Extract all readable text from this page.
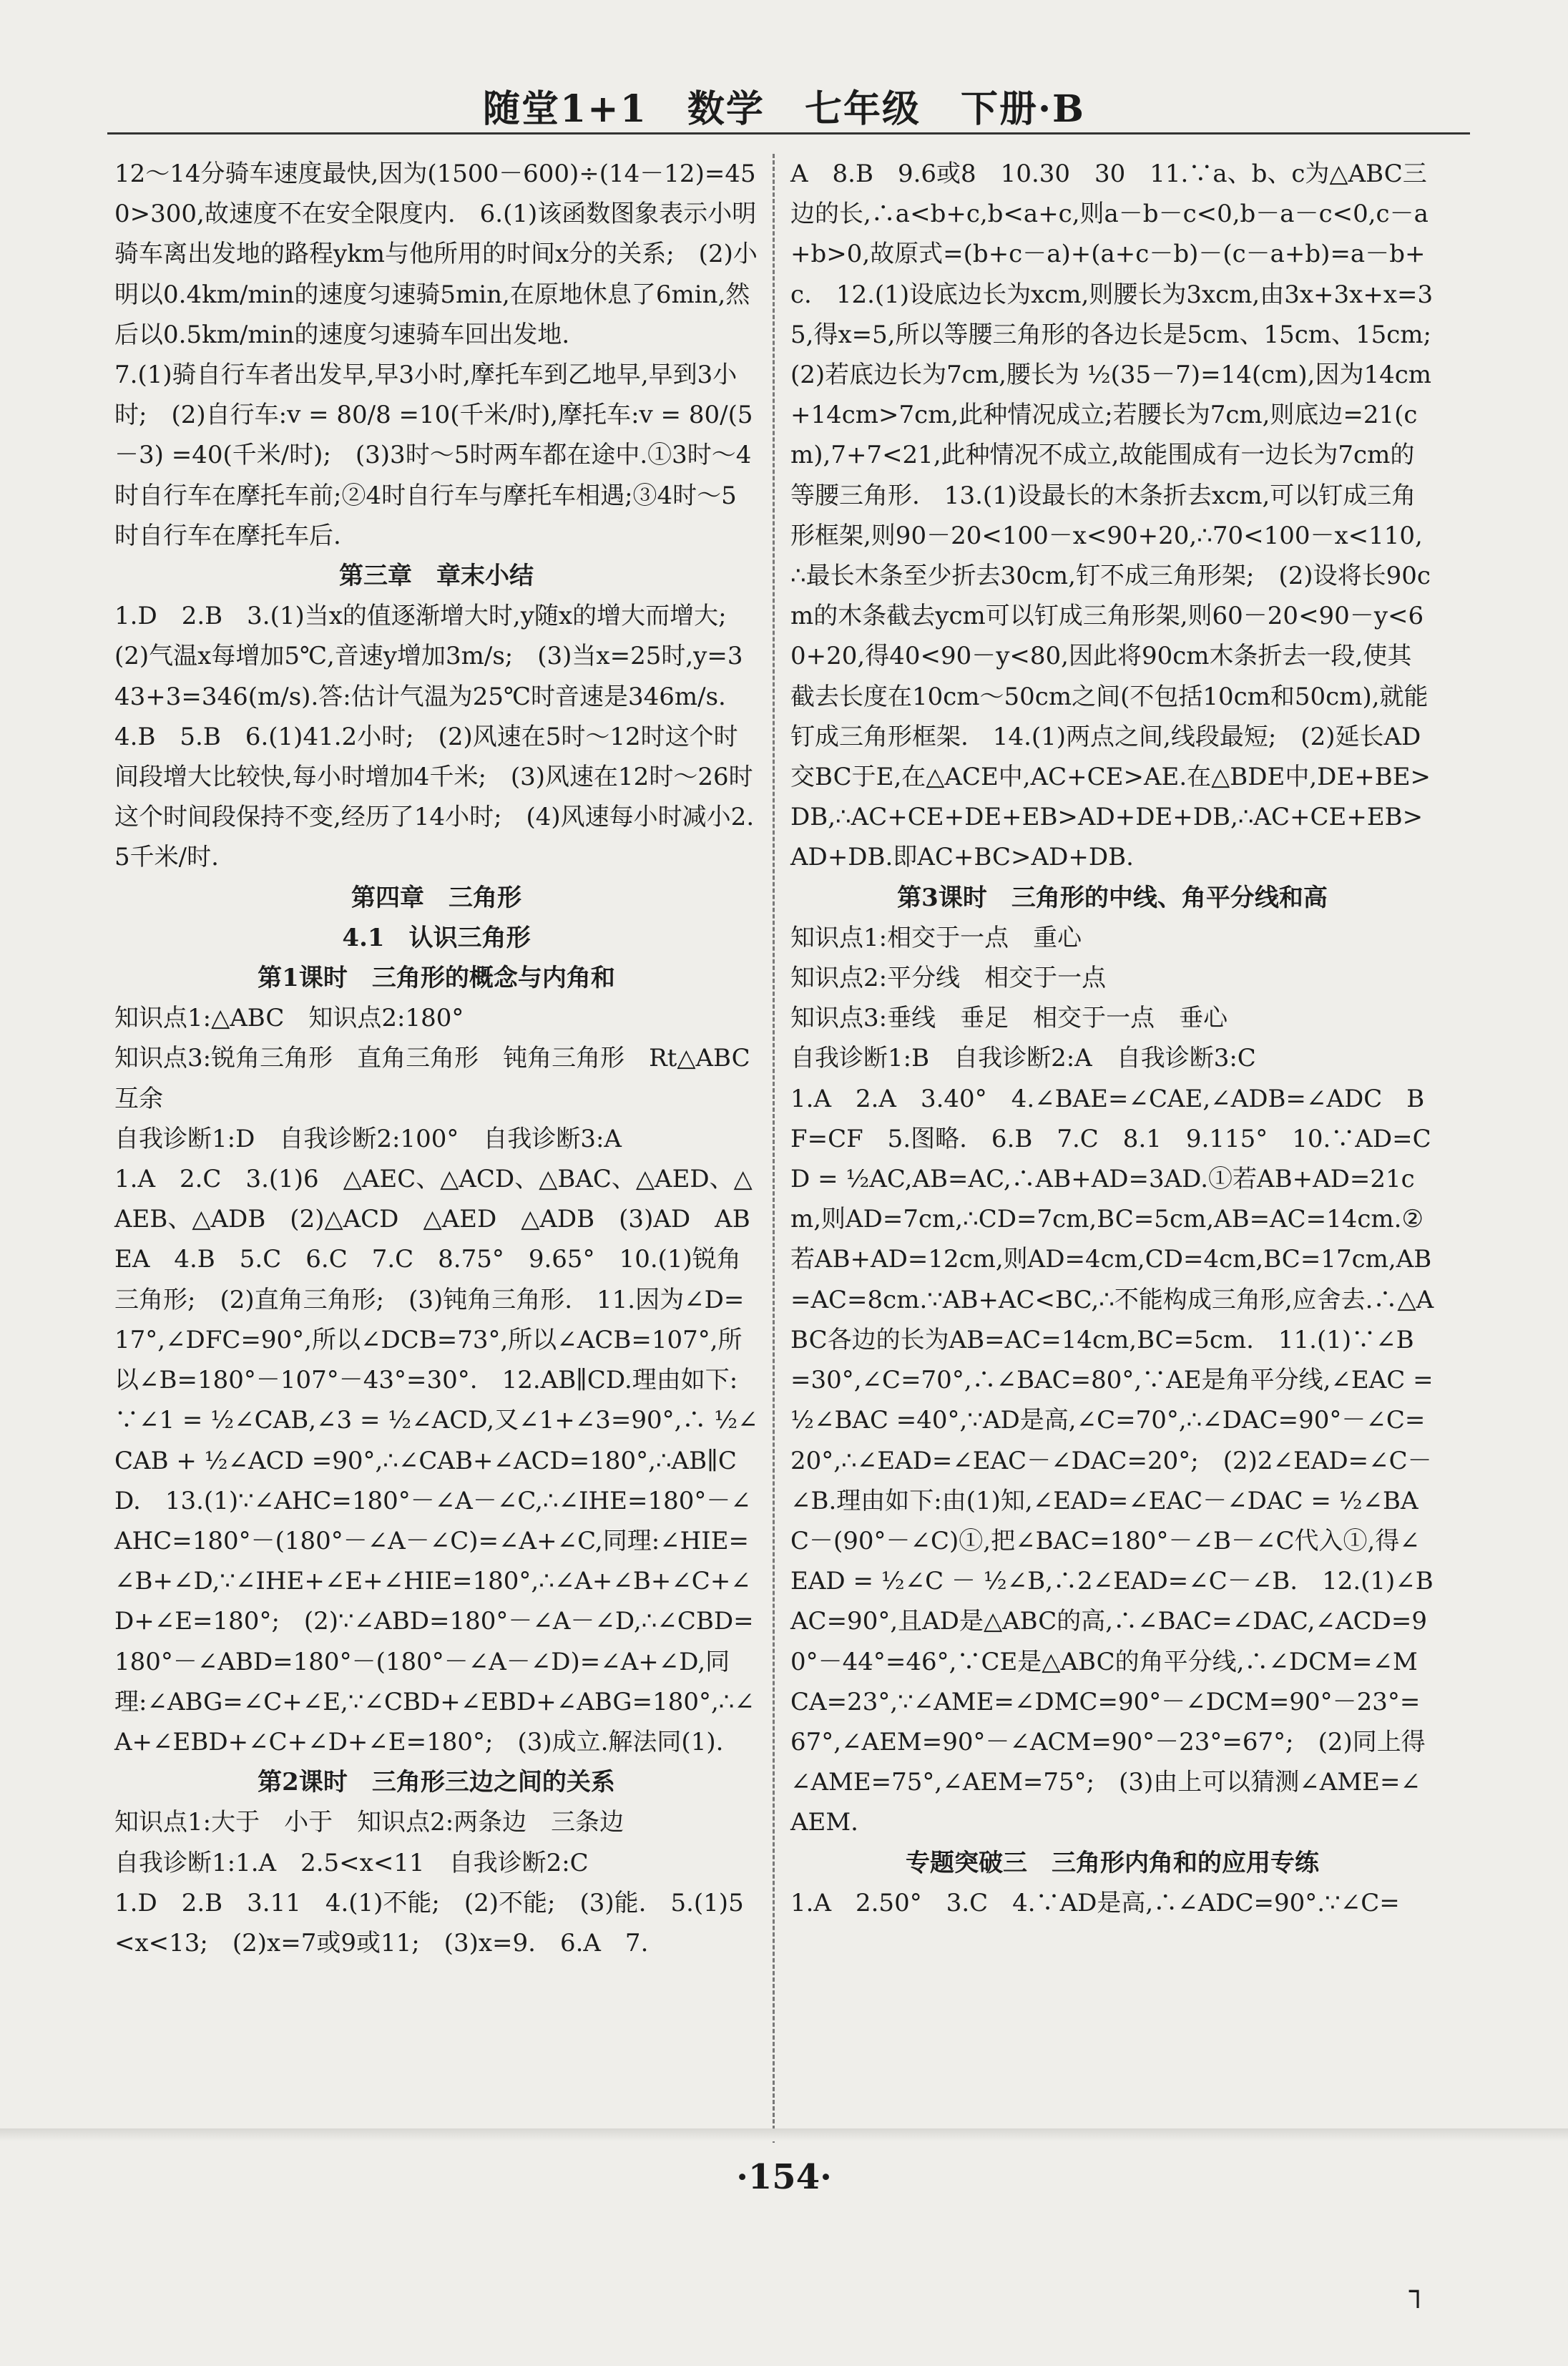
随堂1+1 数学 七年级 下册·B

12～14分骑车速度最快,因为(1500－600)÷(14－12)=450>300,故速度不在安全限度内.　6.(1)该函数图象表示小明骑车离出发地的路程ykm与他所用的时间x分的关系;　(2)小明以0.4km/min的速度匀速骑5min,在原地休息了6min,然后以0.5km/min的速度匀速骑车回出发地.

7.(1)骑自行车者出发早,早3小时,摩托车到乙地早,早到3小时;　(2)自行车:v = 80/8 =10(千米/时),摩托车:v = 80/(5－3) =40(千米/时);　(3)3时～5时两车都在途中.①3时～4时自行车在摩托车前;②4时自行车与摩托车相遇;③4时～5时自行车在摩托车后.

第三章　章末小结

1.D　2.B　3.(1)当x的值逐渐增大时,y随x的增大而增大;　(2)气温x每增加5℃,音速y增加3m/s;　(3)当x=25时,y=343+3=346(m/s).答:估计气温为25℃时音速是346m/s.　4.B　5.B　6.(1)41.2小时;　(2)风速在5时～12时这个时间段增大比较快,每小时增加4千米;　(3)风速在12时～26时这个时间段保持不变,经历了14小时;　(4)风速每小时减小2.5千米/时.

第四章　三角形

4.1　认识三角形

第1课时　三角形的概念与内角和

知识点1:△ABC　知识点2:180°

知识点3:锐角三角形　直角三角形　钝角三角形　Rt△ABC　互余

自我诊断1:D　自我诊断2:100°　自我诊断3:A

1.A　2.C　3.(1)6　△AEC、△ACD、△BAC、△AED、△AEB、△ADB　(2)△ACD　△AED　△ADB　(3)AD　AB　EA　4.B　5.C　6.C　7.C　8.75°　9.65°　10.(1)锐角三角形;　(2)直角三角形;　(3)钝角三角形.　11.因为∠D=17°,∠DFC=90°,所以∠DCB=73°,所以∠ACB=107°,所以∠B=180°－107°－43°=30°.　12.AB∥CD.理由如下:∵∠1 = ½∠CAB,∠3 = ½∠ACD,又∠1+∠3=90°,∴ ½∠CAB + ½∠ACD =90°,∴∠CAB+∠ACD=180°,∴AB∥CD.　13.(1)∵∠AHC=180°－∠A－∠C,∴∠IHE=180°－∠AHC=180°－(180°－∠A－∠C)=∠A+∠C,同理:∠HIE=∠B+∠D,∵∠IHE+∠E+∠HIE=180°,∴∠A+∠B+∠C+∠D+∠E=180°;　(2)∵∠ABD=180°－∠A－∠D,∴∠CBD=180°－∠ABD=180°－(180°－∠A－∠D)=∠A+∠D,同理:∠ABG=∠C+∠E,∵∠CBD+∠EBD+∠ABG=180°,∴∠A+∠EBD+∠C+∠D+∠E=180°;　(3)成立.解法同(1).

第2课时　三角形三边之间的关系

知识点1:大于　小于　知识点2:两条边　三条边

自我诊断1:1.A　2.5<x<11　自我诊断2:C

1.D　2.B　3.11　4.(1)不能;　(2)不能;　(3)能.　5.(1)5<x<13;　(2)x=7或9或11;　(3)x=9.　6.A　7.

A　8.B　9.6或8　10.30　30　11.∵a、b、c为△ABC三边的长,∴a<b+c,b<a+c,则a－b－c<0,b－a－c<0,c－a+b>0,故原式=(b+c－a)+(a+c－b)－(c－a+b)=a－b+c.　12.(1)设底边长为xcm,则腰长为3xcm,由3x+3x+x=35,得x=5,所以等腰三角形的各边长是5cm、15cm、15cm;　(2)若底边长为7cm,腰长为 ½(35－7)=14(cm),因为14cm+14cm>7cm,此种情况成立;若腰长为7cm,则底边=21(cm),7+7<21,此种情况不成立,故能围成有一边长为7cm的等腰三角形.　13.(1)设最长的木条折去xcm,可以钉成三角形框架,则90－20<100－x<90+20,∴70<100－x<110,∴最长木条至少折去30cm,钉不成三角形架;　(2)设将长90cm的木条截去ycm可以钉成三角形架,则60－20<90－y<60+20,得40<90－y<80,因此将90cm木条折去一段,使其截去长度在10cm～50cm之间(不包括10cm和50cm),就能钉成三角形框架.　14.(1)两点之间,线段最短;　(2)延长AD交BC于E,在△ACE中,AC+CE>AE.在△BDE中,DE+BE>DB,∴AC+CE+DE+EB>AD+DE+DB,∴AC+CE+EB>AD+DB.即AC+BC>AD+DB.

第3课时　三角形的中线、角平分线和高

知识点1:相交于一点　重心

知识点2:平分线　相交于一点

知识点3:垂线　垂足　相交于一点　垂心

自我诊断1:B　自我诊断2:A　自我诊断3:C

1.A　2.A　3.40°　4.∠BAE=∠CAE,∠ADB=∠ADC　BF=CF　5.图略.　6.B　7.C　8.1　9.115°　10.∵AD=CD = ½AC,AB=AC,∴AB+AD=3AD.①若AB+AD=21cm,则AD=7cm,∴CD=7cm,BC=5cm,AB=AC=14cm.②若AB+AD=12cm,则AD=4cm,CD=4cm,BC=17cm,AB=AC=8cm.∵AB+AC<BC,∴不能构成三角形,应舍去.∴△ABC各边的长为AB=AC=14cm,BC=5cm.　11.(1)∵∠B=30°,∠C=70°,∴∠BAC=80°,∵AE是角平分线,∠EAC = ½∠BAC =40°,∵AD是高,∠C=70°,∴∠DAC=90°－∠C=20°,∴∠EAD=∠EAC－∠DAC=20°;　(2)2∠EAD=∠C－∠B.理由如下:由(1)知,∠EAD=∠EAC－∠DAC = ½∠BAC－(90°－∠C)①,把∠BAC=180°－∠B－∠C代入①,得∠EAD = ½∠C － ½∠B,∴2∠EAD=∠C－∠B.　12.(1)∠BAC=90°,且AD是△ABC的高,∴∠BAC=∠DAC,∠ACD=90°－44°=46°,∵CE是△ABC的角平分线,∴∠DCM=∠MCA=23°,∵∠AME=∠DMC=90°－∠DCM=90°－23°=67°,∠AEM=90°－∠ACM=90°－23°=67°;　(2)同上得∠AME=75°,∠AEM=75°;　(3)由上可以猜测∠AME=∠AEM.

专题突破三　三角形内角和的应用专练

1.A　2.50°　3.C　4.∵AD是高,∴∠ADC=90°.∵∠C=

·154·
┐
